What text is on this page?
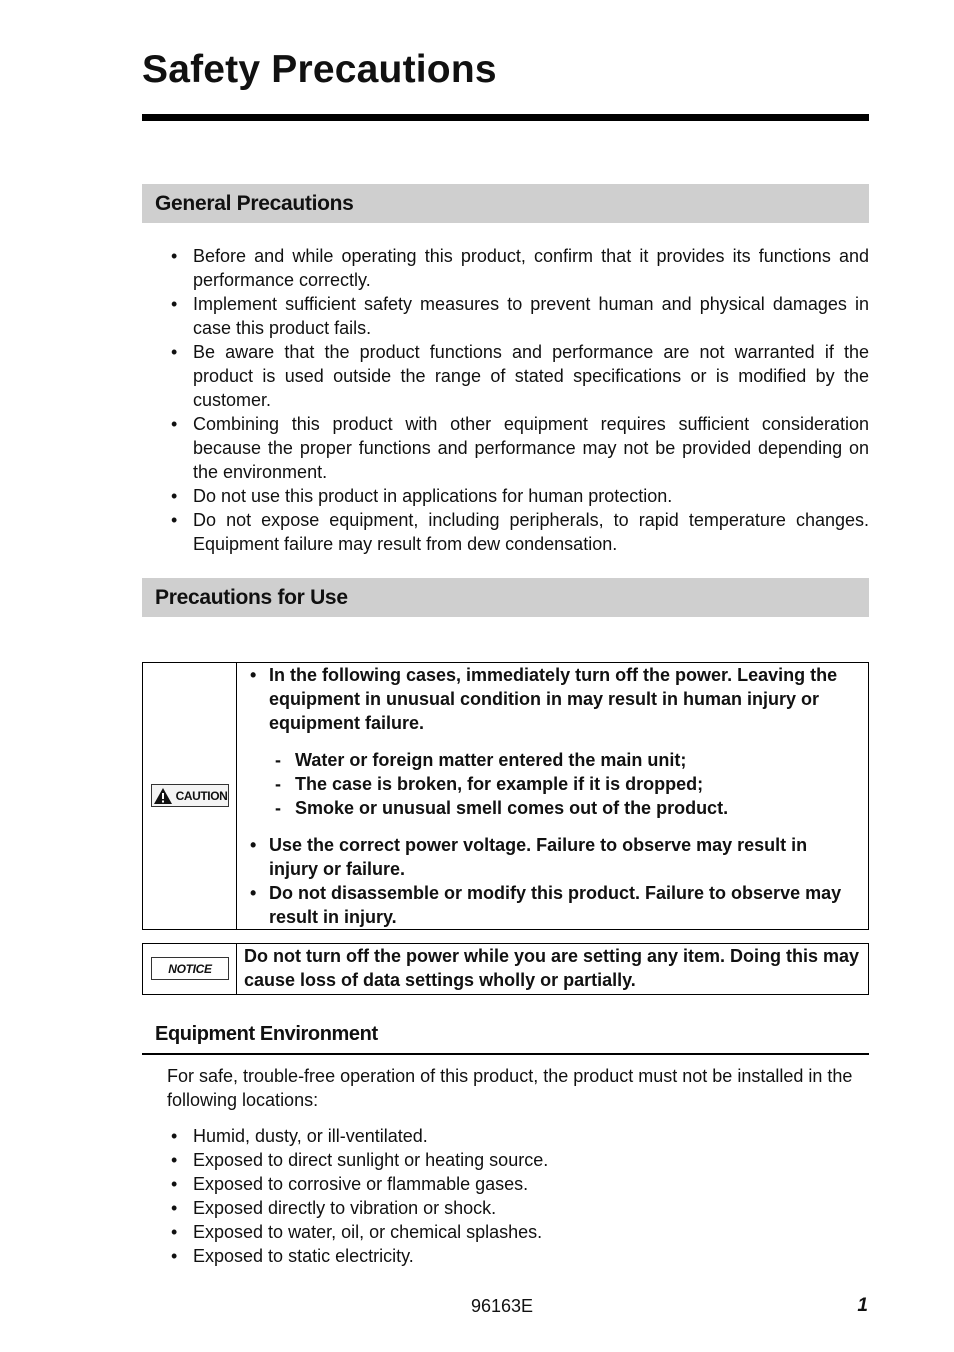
Safety Precautions
General Precautions
• Before and while operating this product, confirm that it provides its functions and performance correctly.
• Implement sufficient safety measures to prevent human and physical damages in case this product fails.
• Be aware that the product functions and performance are not warranted if the product is used outside the range of stated specifications or is modified by the customer.
• Combining this product with other equipment requires sufficient consideration because the proper functions and performance may not be provided depending on the environment.
• Do not use this product in applications for human protection.
• Do not expose equipment, including peripherals, to rapid temperature changes. Equipment failure may result from dew condensation.
Precautions for Use
CAUTION
• In the following cases, immediately turn off the power. Leaving the equipment in unusual condition in may result in human injury or equipment failure.
- Water or foreign matter entered the main unit;
- The case is broken, for example if it is dropped;
- Smoke or unusual smell comes out of the product.
• Use the correct power voltage. Failure to observe may result in injury or failure.
• Do not disassemble or modify this product. Failure to observe may result in injury.
NOTICE
Do not turn off the power while you are setting any item. Doing this may cause loss of data settings wholly or partially.
Equipment Environment

For safe, trouble-free operation of this product, the product must not be installed in the following locations:

• Humid, dusty, or ill-ventilated.
• Exposed to direct sunlight or heating source.
• Exposed to corrosive or flammable gases.
• Exposed directly to vibration or shock.
• Exposed to water, oil, or chemical splashes.
• Exposed to static electricity.
96163E	1
